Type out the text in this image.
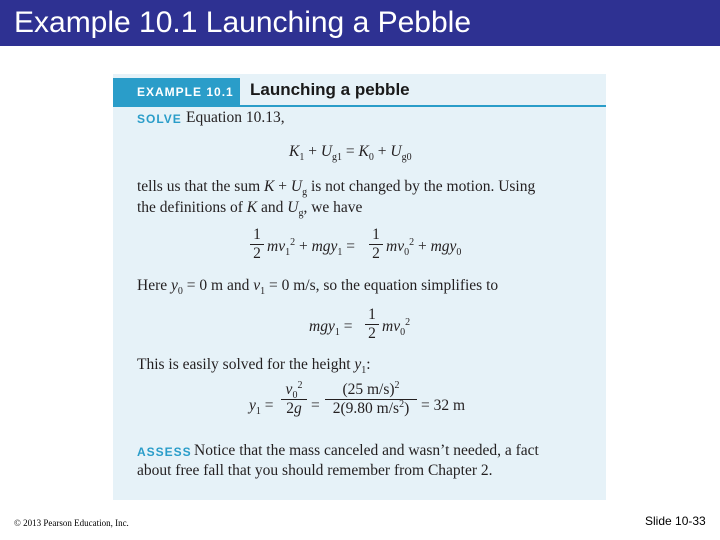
Example 10.1 Launching a Pebble
EXAMPLE 10.1 Launching a pebble
SOLVE Equation 10.13,
$K_1 + U_{g1} = K_0 + U_{g0}$
tells us that the sum $K + U_g$ is not changed by the motion. Using
the definitions of K and $U_g$, we have
1
2 $mv_1^2 + mgy_1$ =
1
2 $mv_0^2 + mgy_0$
Here $y_0 = 0$ m and $v_1 = 0$ m/s, so the equation simplifies to
mgy$_1$ =
1
2 $mv_0^2$
This is easily solved for the height $y_1$:
$y_1$ =
$v_0^2$
2g =
(25 m/s)$^2$
2(9.80 $m/s^2) = 32$ m
ASSESS Notice that the mass canceled and wasn’t needed, a fact
about free fall that you should remember from Chapter 2.
© 2013 Pearson Education, Inc.	Slide 10-33
